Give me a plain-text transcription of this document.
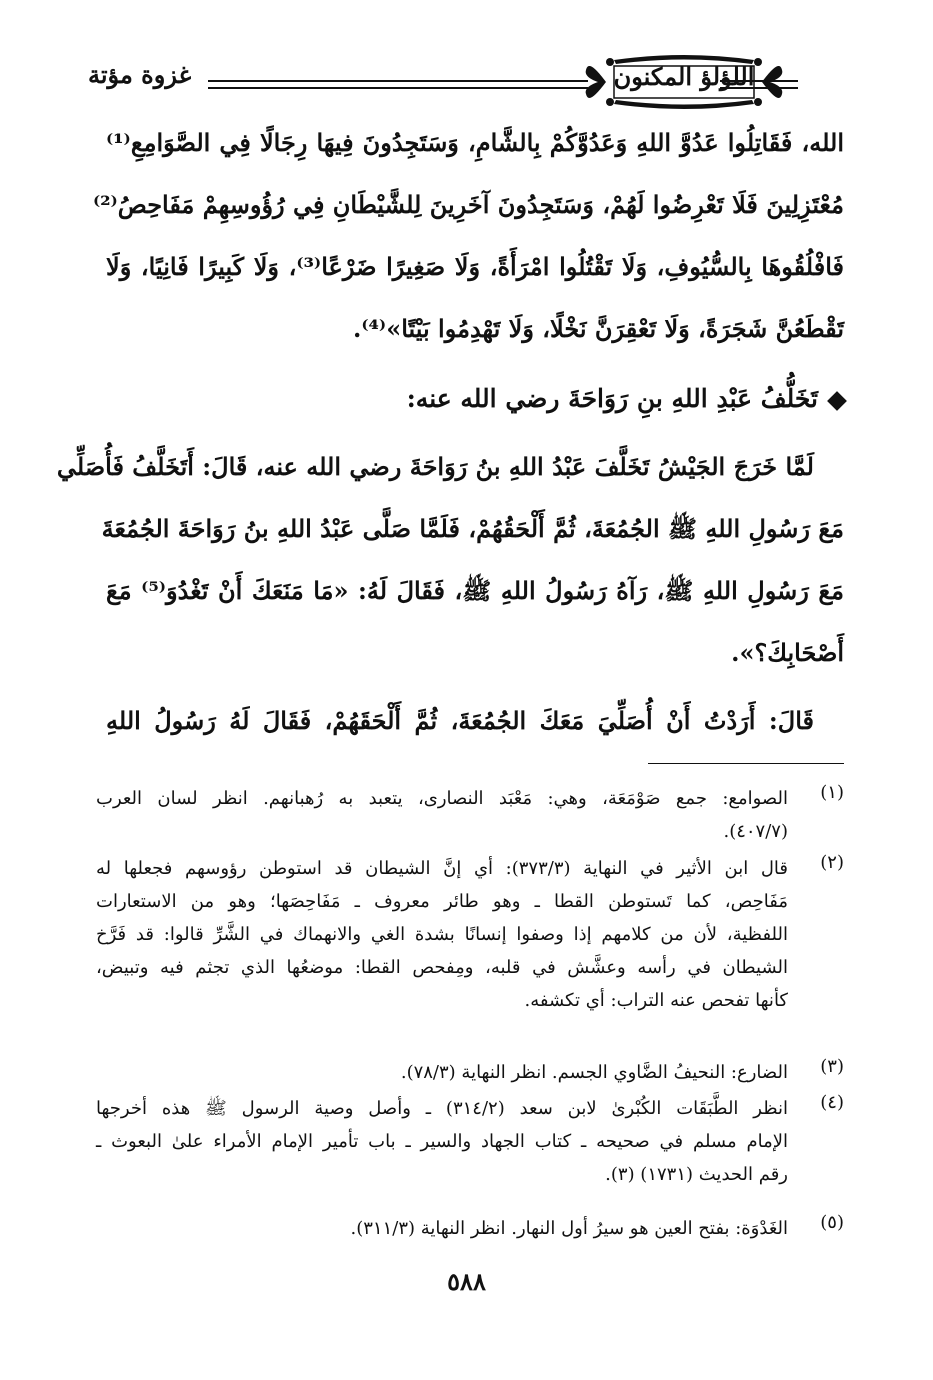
غزوة مؤتة	اللؤلؤ المكنون
الله، فَقَاتِلُوا عَدُوَّ اللهِ وَعَدُوَّكُمْ بِالشَّامِ، وَسَتَجِدُونَ فِيهَا رِجَالًا فِي الصَّوَامِعِ⁽¹⁾
مُعْتَزِلِينَ فَلَا تَعْرِضُوا لَهُمْ، وَسَتَجِدُونَ آخَرِينَ لِلشَّيْطَانِ فِي رُؤُوسِهِمْ مَفَاحِصُ⁽²⁾
فَافْلُقُوهَا بِالسُّيُوفِ، وَلَا تَقْتُلُوا امْرَأَةً، وَلَا صَغِيرًا ضَرْعًا⁽³⁾، وَلَا كَبِيرًا فَانِيًا، وَلَا
تَقْطَعُنَّ شَجَرَةً، وَلَا تَعْقِرَنَّ نَخْلًا، وَلَا تَهْدِمُوا بَيْتًا»⁽⁴⁾.
تَخَلُّفُ عَبْدِ اللهِ بنِ رَوَاحَةَ رضي الله عنه:
لَمَّا خَرَجَ الجَيْشُ تَخَلَّفَ عَبْدُ اللهِ بنُ رَوَاحَةَ رضي الله عنه، قَالَ: أَتَخَلَّفُ فَأُصَلِّي
مَعَ رَسُولِ اللهِ ﷺ الجُمُعَةَ، ثُمَّ أَلْحَقُهُمْ، فَلَمَّا صَلَّى عَبْدُ اللهِ بنُ رَوَاحَةَ الجُمُعَةَ
مَعَ رَسُولِ اللهِ ﷺ، رَآهُ رَسُولُ اللهِ ﷺ، فَقَالَ لَهُ: «مَا مَنَعَكَ أَنْ تَغْدُوَ⁽⁵⁾ مَعَ
أَصْحَابِكَ؟».
قَالَ: أَرَدْتُ أَنْ أُصَلِّيَ مَعَكَ الجُمُعَةَ، ثُمَّ أَلْحَقَهُمْ، فَقَالَ لَهُ رَسُولُ اللهِ
(١)
الصوامع: جمع صَوْمَعَة، وهي: مَعْبَد النصارى، يتعبد به رُهبانهم. انظر لسان العرب
(٤٠٧/٧).
(٢)
قال ابن الأثير في النهاية (٣٧٣/٣): أي إنَّ الشيطان قد استوطن رؤوسهم فجعلها له
مَفَاحِص، كما تَستوطن القطا ـ وهو طائر معروف ـ مَفَاحِصَها؛ وهو من الاستعارات
اللفظية، لأن من كلامهم إذا وصفوا إنسانًا بشدة الغي والانهماك في الشَّرِّ قالوا: قد فَرَّخ
الشيطان في رأسه وعشَّش في قلبه، ومِفحص القطا: موضعُها الذي تجثم فيه وتبيض،
كأنها تفحص عنه التراب: أي تكشفه.
(٣)
الضارع: النحيفُ الضَّاوي الجسم. انظر النهاية (٧٨/٣).
(٤)
انظر الطَّبَقَات الكُبْرىٰ لابن سعد (٣١٤/٢) ـ وأصل وصية الرسول ﷺ هذه أخرجها
الإمام مسلم في صحيحه ـ كتاب الجهاد والسير ـ باب تأمير الإمام الأمراء علىٰ البعوث ـ
رقم الحديث (١٧٣١) (٣).
(٥)
الغَدْوَة: بفتح العين هو سيرُ أول النهار. انظر النهاية (٣١١/٣).
٥٨٨
